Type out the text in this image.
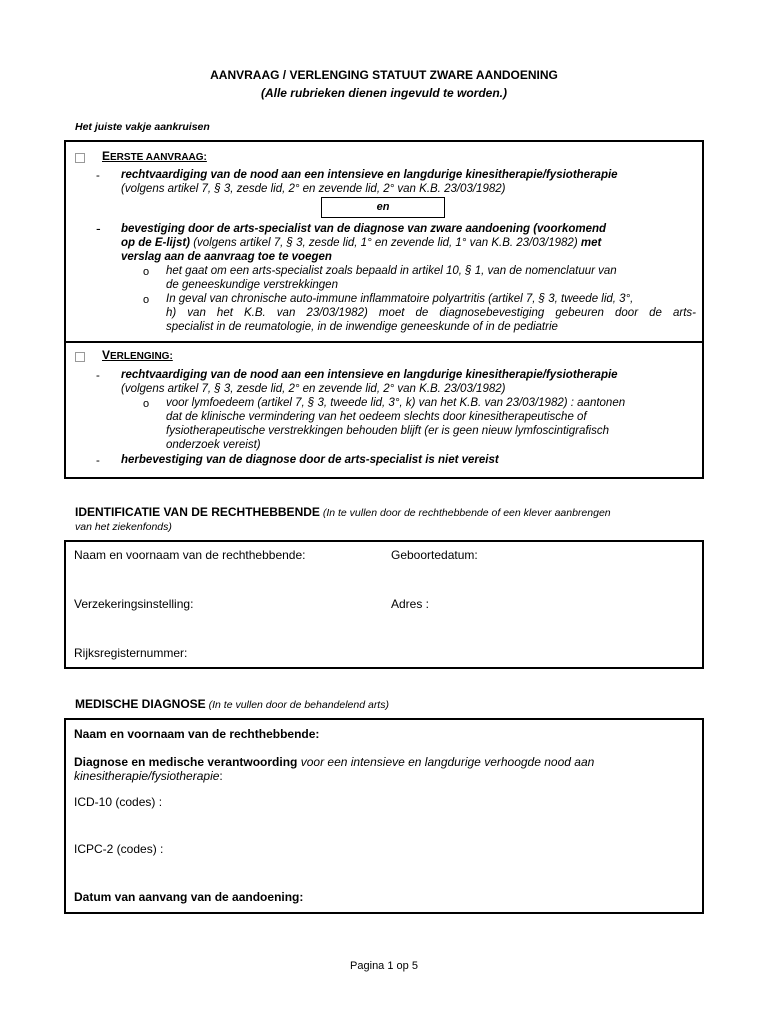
AANVRAAG / VERLENGING STATUUT ZWARE AANDOENING
(Alle rubrieken dienen ingevuld te worden.)
Het juiste vakje aankruisen
EERSTE AANVRAAG:
- rechtvaardiging van de nood aan een intensieve en langdurige kinesitherapie/fysiotherapie
(volgens artikel 7, § 3, zesde lid, 2° en zevende lid, 2° van K.B. 23/03/1982)
en
- bevestiging door de arts-specialist van de diagnose van zware aandoening (voorkomend
op de E-lijst) (volgens artikel 7, § 3, zesde lid, 1° en zevende lid, 1° van K.B. 23/03/1982) met
verslag aan de aanvraag toe te voegen
o het gaat om een arts-specialist zoals bepaald in artikel 10, § 1, van de nomenclatuur van
de geneeskundige verstrekkingen
o In geval van chronische auto-immune inflammatoire polyartritis (artikel 7, § 3, tweede lid, 3°,
h) van het K.B. van 23/03/1982) moet de diagnosebevestiging gebeuren door de arts-
specialist in de reumatologie, in de inwendige geneeskunde of in de pediatrie
VERLENGING:
- rechtvaardiging van de nood aan een intensieve en langdurige kinesitherapie/fysiotherapie
(volgens artikel 7, § 3, zesde lid, 2° en zevende lid, 2° van K.B. 23/03/1982)
o voor lymfoedeem (artikel 7, § 3, tweede lid, 3°, k) van het K.B. van 23/03/1982) : aantonen
dat de klinische vermindering van het oedeem slechts door kinesitherapeutische of
fysiotherapeutische verstrekkingen behouden blijft (er is geen nieuw lymfoscintigrafisch
onderzoek vereist)
- herbevestiging van de diagnose door de arts-specialist is niet vereist
IDENTIFICATIE VAN DE RECHTHEBBENDE (In te vullen door de rechthebbende of een klever aanbrengen
van het ziekenfonds)
Naam en voornaam van de rechthebbende:	Geboortedatum:
Verzekeringsinstelling:	Adres :
Rijksregisternummer:
MEDISCHE DIAGNOSE (In te vullen door de behandelend arts)
Naam en voornaam van de rechthebbende:
Diagnose en medische verantwoording voor een intensieve en langdurige verhoogde nood aan
kinesitherapie/fysiotherapie:
ICD-10 (codes) :
ICPC-2 (codes) :
Datum van aanvang van de aandoening:
Pagina 1 op 5
